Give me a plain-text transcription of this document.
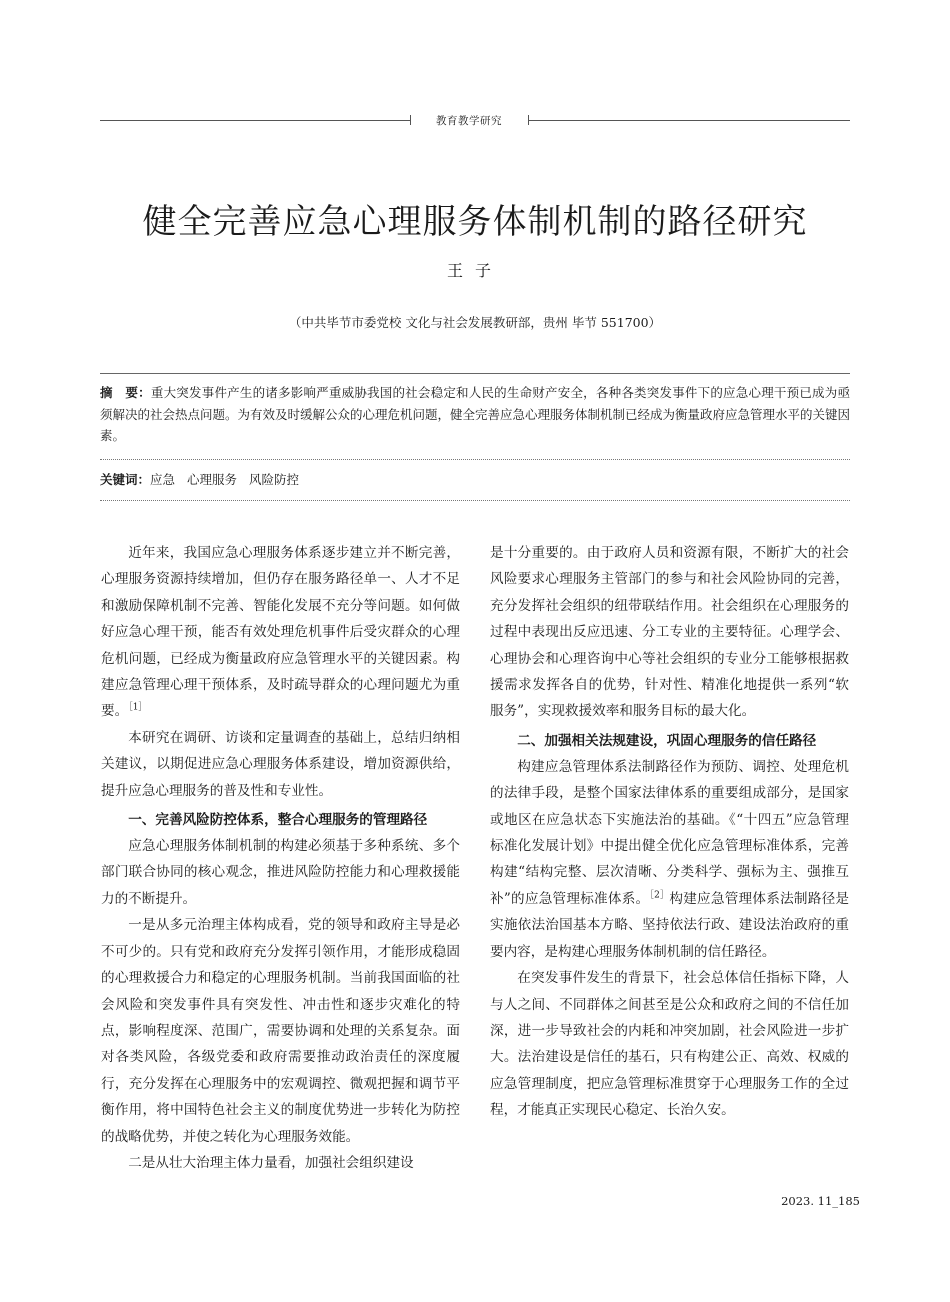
教育教学研究
健全完善应急心理服务体制机制的路径研究
王子
（中共毕节市委党校 文化与社会发展教研部，贵州 毕节 551700）
摘　要：重大突发事件产生的诸多影响严重威胁我国的社会稳定和人民的生命财产安全，各种各类突发事件下的应急心理干预已成为亟须解决的社会热点问题。为有效及时缓解公众的心理危机问题，健全完善应急心理服务体制机制已经成为衡量政府应急管理水平的关键因素。
关键词：应急 心理服务 风险防控

近年来，我国应急心理服务体系逐步建立并不断完善，心理服务资源持续增加，但仍存在服务路径单一、人才不足和激励保障机制不完善、智能化发展不充分等问题。如何做好应急心理干预，能否有效处理危机事件后受灾群众的心理危机问题，已经成为衡量政府应急管理水平的关键因素。构建应急管理心理干预体系，及时疏导群众的心理问题尤为重要。$^{[1]}$

本研究在调研、访谈和定量调查的基础上，总结归纳相关建议，以期促进应急心理服务体系建设，增加资源供给，提升应急心理服务的普及性和专业性。

一、完善风险防控体系，整合心理服务的管理路径

应急心理服务体制机制的构建必须基于多种系统、多个部门联合协同的核心观念，推进风险防控能力和心理救援能力的不断提升。

一是从多元治理主体构成看，党的领导和政府主导是必不可少的。只有党和政府充分发挥引领作用，才能形成稳固的心理救援合力和稳定的心理服务机制。当前我国面临的社会风险和突发事件具有突发性、冲击性和逐步灾难化的特点，影响程度深、范围广，需要协调和处理的关系复杂。面对各类风险，各级党委和政府需要推动政治责任的深度履行，充分发挥在心理服务中的宏观调控、微观把握和调节平衡作用，将中国特色社会主义的制度优势进一步转化为防控的战略优势，并使之转化为心理服务效能。

二是从壮大治理主体力量看，加强社会组织建设

是十分重要的。由于政府人员和资源有限，不断扩大的社会风险要求心理服务主管部门的参与和社会风险协同的完善，充分发挥社会组织的纽带联结作用。社会组织在心理服务的过程中表现出反应迅速、分工专业的主要特征。心理学会、心理协会和心理咨询中心等社会组织的专业分工能够根据救援需求发挥各自的优势，针对性、精准化地提供一系列“软服务”，实现救援效率和服务目标的最大化。

二、加强相关法规建设，巩固心理服务的信任路径

构建应急管理体系法制路径作为预防、调控、处理危机的法律手段，是整个国家法律体系的重要组成部分，是国家或地区在应急状态下实施法治的基础。《“十四五”应急管理标准化发展计划》中提出健全优化应急管理标准体系，完善构建“结构完整、层次清晰、分类科学、强标为主、强推互补”的应急管理标准体系。$^{[2]}$构建应急管理体系法制路径是实施依法治国基本方略、坚持依法行政、建设法治政府的重要内容，是构建心理服务体制机制的信任路径。

在突发事件发生的背景下，社会总体信任指标下降，人与人之间、不同群体之间甚至是公众和政府之间的不信任加深，进一步导致社会的内耗和冲突加剧，社会风险进一步扩大。法治建设是信任的基石，只有构建公正、高效、权威的应急管理制度，把应急管理标准贯穿于心理服务工作的全过程，才能真正实现民心稳定、长治久安。

2023. 11_185
